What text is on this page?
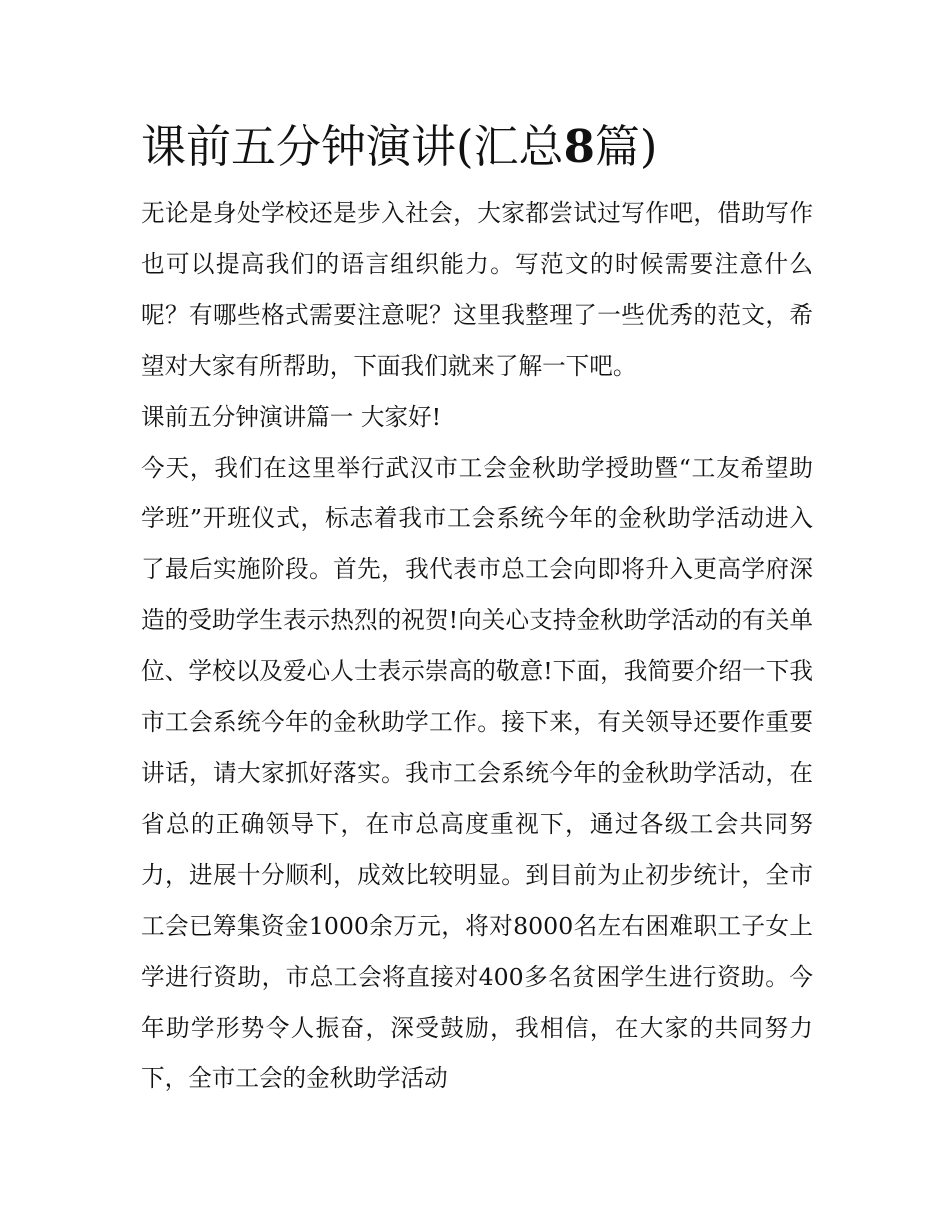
课前五分钟演讲(汇总8篇)

无论是身处学校还是步入社会，大家都尝试过写作吧，借助写作也可以提高我们的语言组织能力。写范文的时候需要注意什么呢？有哪些格式需要注意呢？这里我整理了一些优秀的范文，希望对大家有所帮助，下面我们就来了解一下吧。

课前五分钟演讲篇一 大家好!

今天，我们在这里举行武汉市工会金秋助学授助暨“工友希望助学班”开班仪式，标志着我市工会系统今年的金秋助学活动进入了最后实施阶段。首先，我代表市总工会向即将升入更高学府深造的受助学生表示热烈的祝贺!向关心支持金秋助学活动的有关单位、学校以及爱心人士表示崇高的敬意!下面，我简要介绍一下我市工会系统今年的金秋助学工作。接下来，有关领导还要作重要讲话，请大家抓好落实。我市工会系统今年的金秋助学活动，在省总的正确领导下，在市总高度重视下，通过各级工会共同努力，进展十分顺利，成效比较明显。到目前为止初步统计，全市工会已筹集资金1000余万元，将对8000名左右困难职工子女上学进行资助，市总工会将直接对400多名贫困学生进行资助。今年助学形势令人振奋，深受鼓励，我相信，在大家的共同努力下，全市工会的金秋助学活动
